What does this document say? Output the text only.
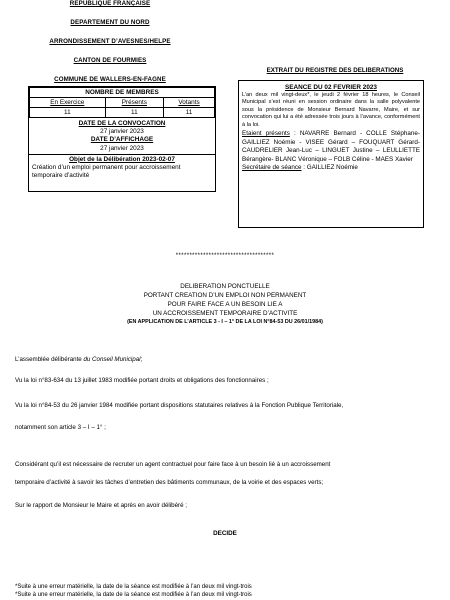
REPUBLIQUE FRANÇAISE
DEPARTEMENT DU NORD
ARRONDISSEMENT D’AVESNES/HELPE
CANTON DE FOURMIES
COMMUNE DE WALLERS-EN-FAGNE
EXTRAIT DU REGISTRE DES DELIBERATIONS
NOMBRE DE MEMBRES		
En Exercice	Présents	Votants
11	11	11
DATE DE LA CONVOCATION
27 janvier 2023
DATE D’AFFICHAGE
27 janvier 2023
Objet de la Délibération 2023-02-07
Création d’un emploi permanent pour accroissement temporaire d’activité
SEANCE DU 02 FEVRIER 2023
L’an deux mil vingt-deux*, le jeudi 2 février 18 heures, le Conseil Municipal s’est réuni en session ordinaire dans la salle polyvalente sous la présidence de Monsieur Bernard Navarre, Maire, et sur convocation qui lui a été adressée trois jours à l’avance, conformément à la loi.
Etaient présents : NAVARRE Bernard - COLLE Stéphane- GAILLIEZ Noémie - VISEE Gérard – FOUQUART Gérard- CAUDRELIER Jean-Luc – LINGUET Justine – LEULLIETTE Bérangère- BLANC Véronique – FOLB Céline - MAES Xavier
Secrétaire de séance : GAILLIEZ Noémie
************************************
DELIBERATION PONCTUELLE
PORTANT CREATION D’UN EMPLOI NON PERMANENT
POUR FAIRE FACE A UN BESOIN LIE A
UN ACCROISSEMENT TEMPORAIRE D’ACTIVITE
(EN APPLICATION DE L’ARTICLE 3 - I – 1° DE LA LOI N°84-53 DU 26/01/1984)
L’assemblée délibérante du Conseil Municipal;
Vu la loi n°83-634 du 13 juillet 1983 modifiée portant droits et obligations des fonctionnaires ;
Vu la loi n°84-53 du 26 janvier 1984 modifiée portant dispositions statutaires relatives à la Fonction Publique Territoriale,
notamment son article 3 – I – 1° ;
Considérant qu’il est nécessaire de recruter un agent contractuel pour faire face à un besoin lié à un accroissement
temporaire d’activité à savoir les tâches d’entretien des bâtiments communaux, de la voirie et des espaces verts;
Sur le rapport de Monsieur le Maire et après en avoir délibéré ;
DECIDE
*Suite à une erreur matérielle, la date de la séance est modifiée à l’an deux mil vingt-trois
*Suite à une erreur matérielle, la date de la séance est modifiée à l’an deux mil vingt-trois
